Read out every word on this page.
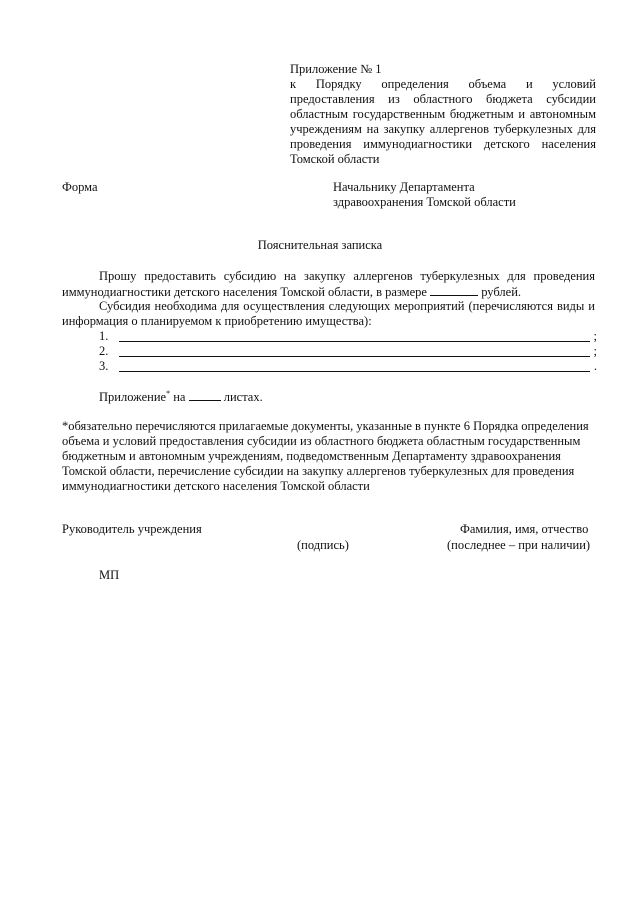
Приложение № 1
к Порядку определения объема и условий предоставления из областного бюджета субсидии областным государственным бюджетным и автономным учреждениям на закупку аллергенов туберкулезных для проведения иммунодиагностики детского населения Томской области
Форма	Начальнику Департамента
здравоохранения Томской области
Пояснительная записка
Прошу предоставить субсидию на закупку аллергенов туберкулезных для проведения иммунодиагностики детского населения Томской области, в размере	рублей.
Субсидия необходима для осуществления следующих мероприятий (перечисляются виды и информация о планируемом к приобретению имущества):
1.	;
2.	;
3.	.
Приложение* на	листах.
*обязательно перечисляются прилагаемые документы, указанные в пункте 6 Порядка определения объема и условий предоставления субсидии из областного бюджета областным государственным бюджетным и автономным учреждениям, подведомственным Департаменту здравоохранения Томской области, перечисление субсидии на закупку аллергенов туберкулезных для проведения иммунодиагностики детского населения Томской области
Руководитель учреждения	Фамилия, имя, отчество
(подпись)	(последнее – при наличии)
МП
